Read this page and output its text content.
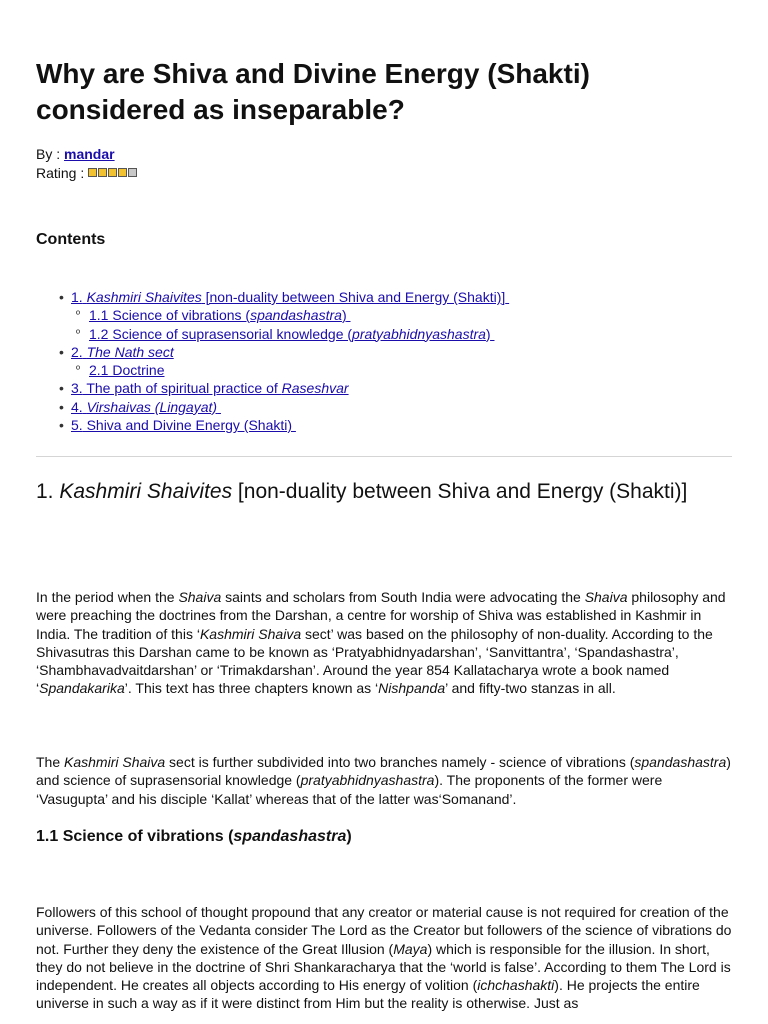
Why are Shiva and Divine Energy (Shakti) considered as inseparable?
By : mandar
Rating :
Contents
• 1. Kashmiri Shaivites [non-duality between Shiva and Energy (Shakti)]
º 1.1 Science of vibrations (spandashastra)
º 1.2 Science of suprasensorial knowledge (pratyabhidnyashastra)
• 2. The Nath sect
º 2.1 Doctrine
• 3. The path of spiritual practice of Raseshvar
• 4. Virshaivas (Lingayat)
• 5. Shiva and Divine Energy (Shakti)
1. Kashmiri Shaivites [non-duality between Shiva and Energy (Shakti)]

In the period when the Shaiva saints and scholars from South India were advocating the Shaiva philosophy and were preaching the doctrines from the Darshan, a centre for worship of Shiva was established in Kashmir in India. The tradition of this ‘Kashmiri Shaiva sect’ was based on the philosophy of non-duality. According to the Shivasutras this Darshan came to be known as ‘Pratyabhidnyadarshan’, ‘Sanvittantra’, ‘Spandashastra’, ‘Shambhavadvaitdarshan’ or ‘Trimakdarshan’. Around the year 854 Kallatacharya wrote a book named ‘Spandakarika’. This text has three chapters known as ‘Nishpanda’ and fifty-two stanzas in all.

The Kashmiri Shaiva sect is further subdivided into two branches namely - science of vibrations (spandashastra) and science of suprasensorial knowledge (pratyabhidnyashastra). The proponents of the former were ‘Vasugupta’ and his disciple ‘Kallat’ whereas that of the latter was‘Somanand’.

1.1 Science of vibrations (spandashastra)

Followers of this school of thought propound that any creator or material cause is not required for creation of the universe. Followers of the Vedanta consider The Lord as the Creator but followers of the science of vibrations do not. Further they deny the existence of the Great Illusion (Maya) which is responsible for the illusion. In short, they do not believe in the doctrine of Shri Shankaracharya that the ‘world is false’. According to them The Lord is independent. He creates all objects according to His energy of volition (ichchashakti). He projects the entire universe in such a way as if it were distinct from Him but the reality is otherwise. Just as
